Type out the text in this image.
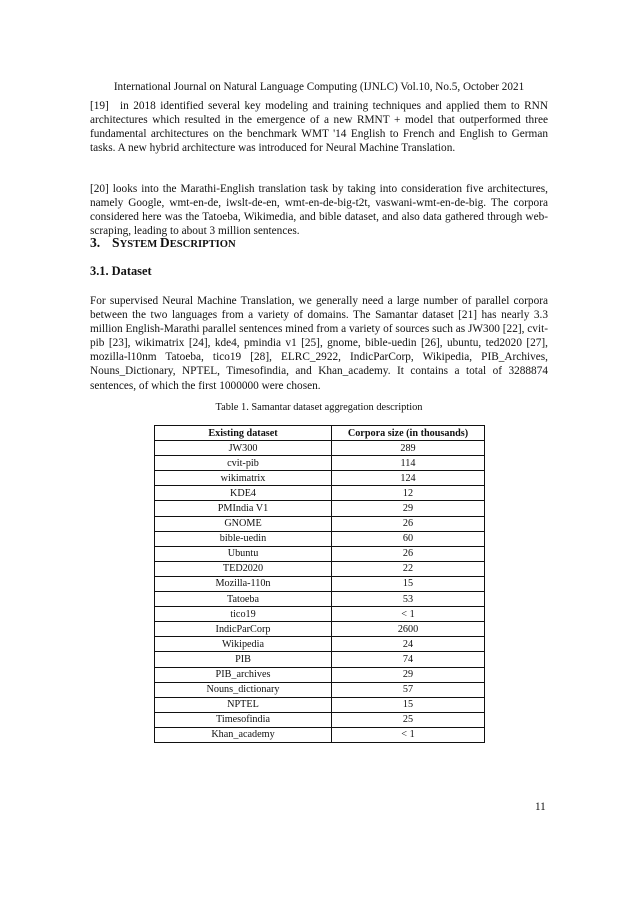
International Journal on Natural Language Computing (IJNLC) Vol.10, No.5, October 2021

[19] in 2018 identified several key modeling and training techniques and applied them to RNN architectures which resulted in the emergence of a new RMNT + model that outperformed three fundamental architectures on the benchmark WMT '14 English to French and English to German tasks. A new hybrid architecture was introduced for Neural Machine Translation.

[20] looks into the Marathi-English translation task by taking into consideration five architectures, namely Google, wmt-en-de, iwslt-de-en, wmt-en-de-big-t2t, vaswani-wmt-en-de-big. The corpora considered here was the Tatoeba, Wikimedia, and bible dataset, and also data gathered through web-scraping, leading to about 3 million sentences.

3. SYSTEM DESCRIPTION
3.1. Dataset

For supervised Neural Machine Translation, we generally need a large number of parallel corpora between the two languages from a variety of domains. The Samantar dataset [21] has nearly 3.3 million English-Marathi parallel sentences mined from a variety of sources such as JW300 [22], cvit-pib [23], wikimatrix [24], kde4, pmindia v1 [25], gnome, bible-uedin [26], ubuntu, ted2020 [27], mozilla-l10nm Tatoeba, tico19 [28], ELRC_2922, IndicParCorp, Wikipedia, PIB_Archives, Nouns_Dictionary, NPTEL, Timesofindia, and Khan_academy. It contains a total of 3288874 sentences, of which the first 1000000 were chosen.

Table 1. Samantar dataset aggregation description
Existing dataset	Corpora size (in thousands)
JW300	289
cvit-pib	114
wikimatrix	124
KDE4	12
PMIndia V1	29
GNOME	26
bible-uedin	60
Ubuntu	26
TED2020	22
Mozilla-110n	15
Tatoeba	53
tico19	< 1
IndicParCorp	2600
Wikipedia	24
PIB	74
PIB_archives	29
Nouns_dictionary	57
NPTEL	15
Timesofindia	25
Khan_academy	< 1
11
